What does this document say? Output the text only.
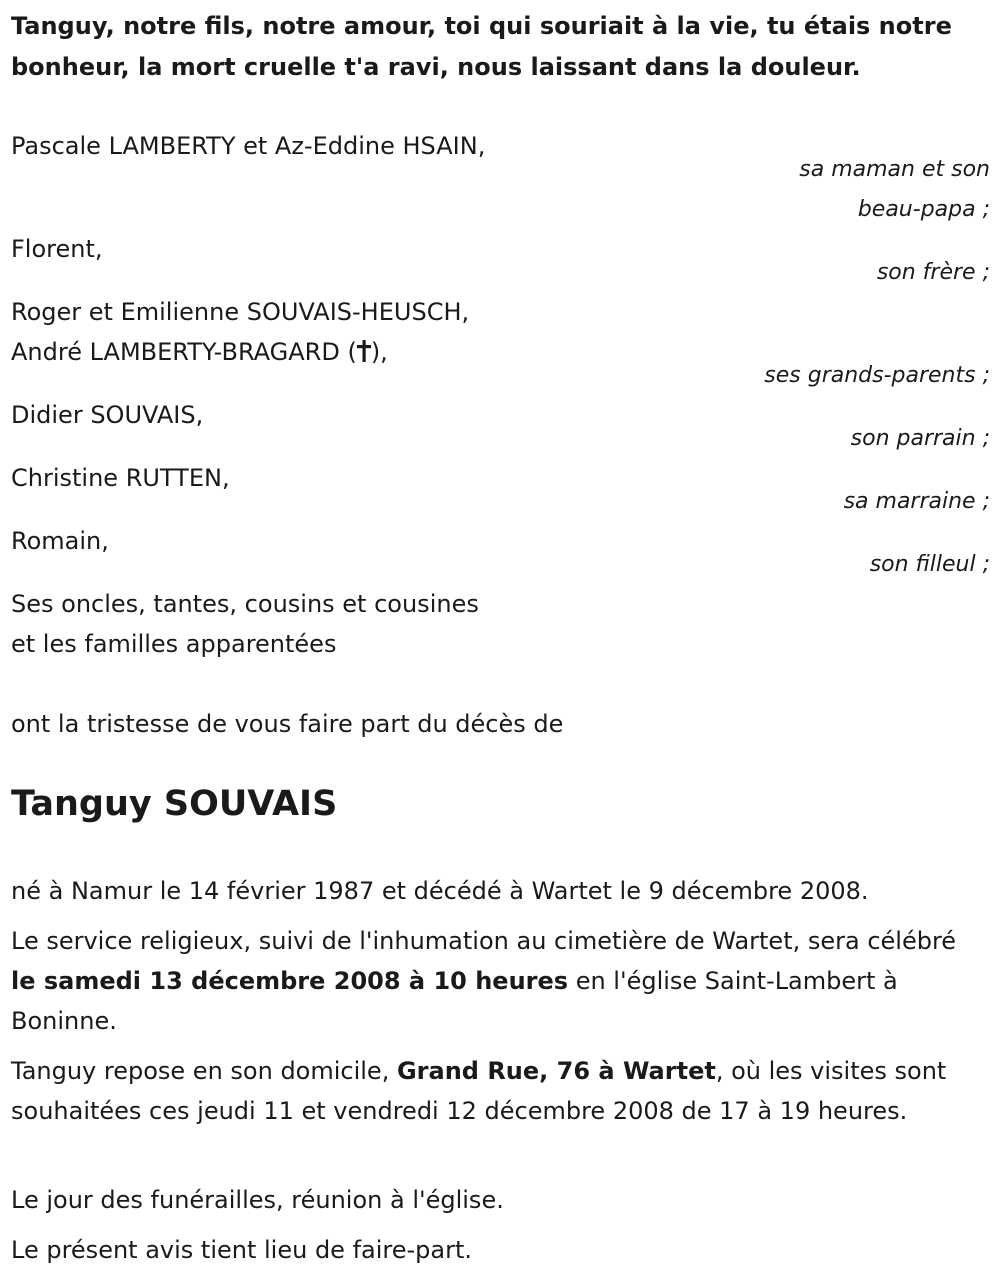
Tanguy, notre fils, notre amour, toi qui souriait à la vie, tu étais notre bonheur, la mort cruelle t'a ravi, nous laissant dans la douleur.
Pascale LAMBERTY et Az-Eddine HSAIN,
sa maman et son
beau-papa ;
Florent,
son frère ;
Roger et Emilienne SOUVAIS-HEUSCH,
André LAMBERTY-BRAGARD ( ),
ses grands-parents ;
Didier SOUVAIS,
son parrain ;
Christine RUTTEN,
sa marraine ;
Romain,
son filleul ;
Ses oncles, tantes, cousins et cousines
et les familles apparentées
ont la tristesse de vous faire part du décès de
Tanguy SOUVAIS
né à Namur le 14 février 1987 et décédé à Wartet le 9 décembre 2008.
Le service religieux, suivi de l'inhumation au cimetière de Wartet, sera célébré le samedi 13 décembre 2008 à 10 heures en l'église Saint-Lambert à Boninne.
Tanguy repose en son domicile, Grand Rue, 76 à Wartet, où les visites sont souhaitées ces jeudi 11 et vendredi 12 décembre 2008 de 17 à 19 heures.
Le jour des funérailles, réunion à l'église.
Le présent avis tient lieu de faire-part.
